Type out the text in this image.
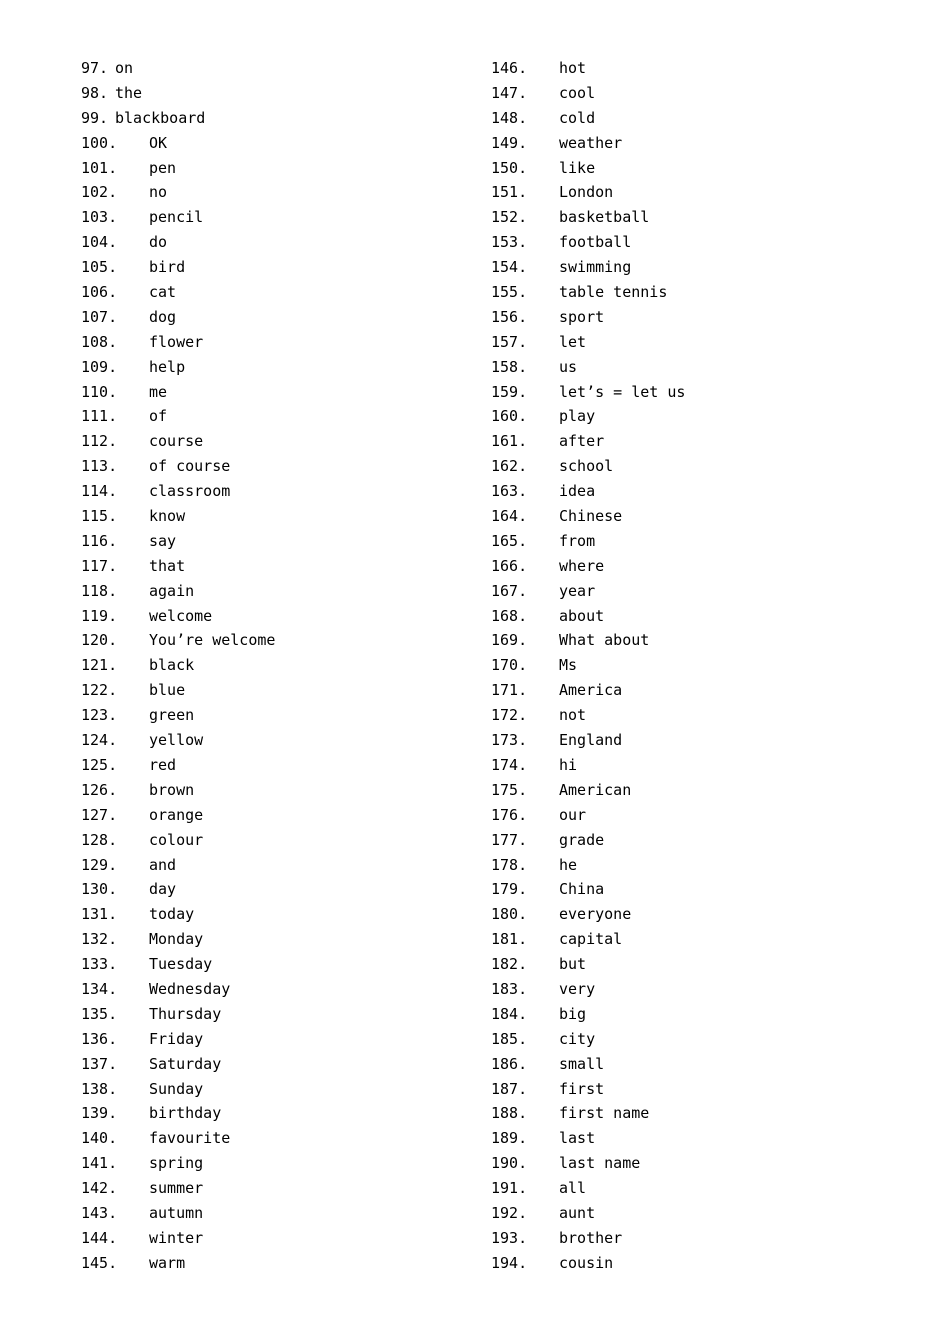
97. on
98. the
99. blackboard
100. OK
101. pen
102. no
103. pencil
104. do
105. bird
106. cat
107. dog
108. flower
109. help
110. me
111. of
112. course
113. of course
114. classroom
115. know
116. say
117. that
118. again
119. welcome
120. You’re welcome
121. black
122. blue
123. green
124. yellow
125. red
126. brown
127. orange
128. colour
129. and
130. day
131. today
132. Monday
133. Tuesday
134. Wednesday
135. Thursday
136. Friday
137. Saturday
138. Sunday
139. birthday
140. favourite
141. spring
142. summer
143. autumn
144. winter
145. warm
146. hot
147. cool
148. cold
149. weather
150. like
151. London
152. basketball
153. football
154. swimming
155. table tennis
156. sport
157. let
158. us
159. let’s = let us
160. play
161. after
162. school
163. idea
164. Chinese
165. from
166. where
167. year
168. about
169. What about
170. Ms
171. America
172. not
173. England
174. hi
175. American
176. our
177. grade
178. he
179. China
180. everyone
181. capital
182. but
183. very
184. big
185. city
186. small
187. first
188. first name
189. last
190. last name
191. all
192. aunt
193. brother
194. cousin
